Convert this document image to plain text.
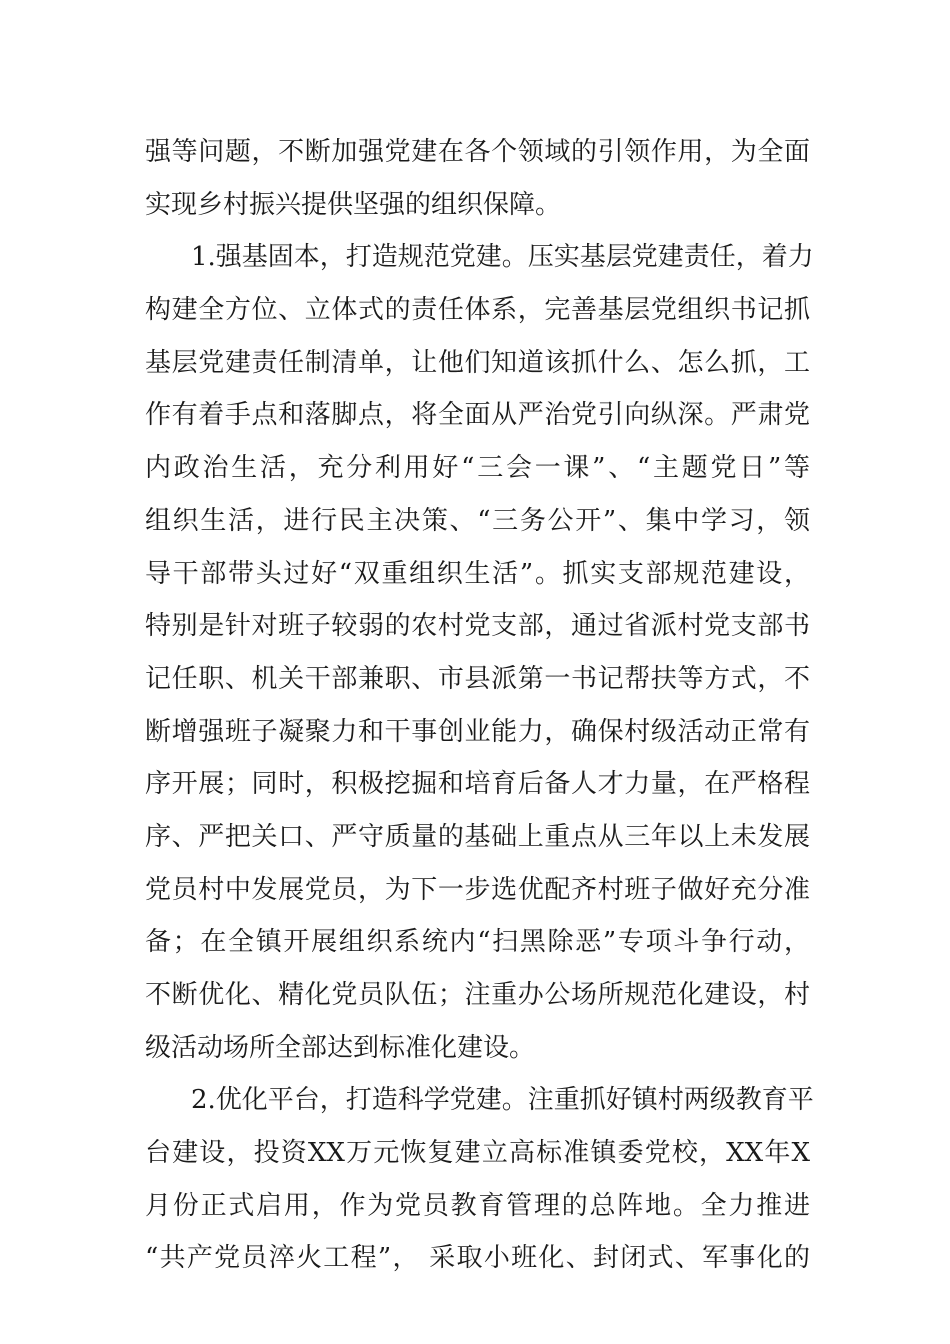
强等问题，不断加强党建在各个领域的引领作用，为全面
实现乡村振兴提供坚强的组织保障。
1.强基固本，打造规范党建。压实基层党建责任，着力
构建全方位、立体式的责任体系，完善基层党组织书记抓
基层党建责任制清单，让他们知道该抓什么、怎么抓，工
作有着手点和落脚点，将全面从严治党引向纵深。严肃党
内政治生活，充分利用好“三会一课”、“主题党日”等
组织生活，进行民主决策、“三务公开”、集中学习，领
导干部带头过好“双重组织生活”。抓实支部规范建设，
特别是针对班子较弱的农村党支部，通过省派村党支部书
记任职、机关干部兼职、市县派第一书记帮扶等方式，不
断增强班子凝聚力和干事创业能力，确保村级活动正常有
序开展；同时，积极挖掘和培育后备人才力量，在严格程
序、严把关口、严守质量的基础上重点从三年以上未发展
党员村中发展党员，为下一步选优配齐村班子做好充分准
备；在全镇开展组织系统内“扫黑除恶”专项斗争行动，
不断优化、精化党员队伍；注重办公场所规范化建设，村
级活动场所全部达到标准化建设。
2.优化平台，打造科学党建。注重抓好镇村两级教育平
台建设，投资XX万元恢复建立高标准镇委党校，XX年X
月份正式启用，作为党员教育管理的总阵地。全力推进
“共产党员淬火工程”， 采取小班化、封闭式、军事化的
